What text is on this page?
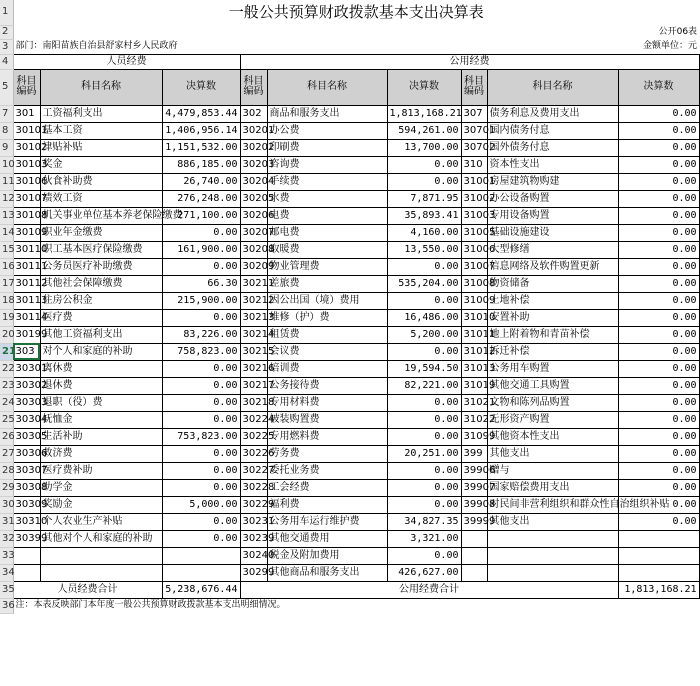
1	一般公共预算财政拨款基本支出决算表								
2	公开06表								
3	部门：南阳苗族自治县舒家村乡人民政府					金额单位：元			
4	人员经费			公用经费					
5	科目编码	科目名称	决算数	科目编码	科目名称	决算数	科目编码	科目名称	决算数
7	301	工资福利支出	4,479,853.44	302	商品和服务支出	1,813,168.21	307	债务利息及费用支出	0.00
8	30101	基本工资	1,406,956.14	30201	办公费	594,261.00	30701	国内债务付息	0.00
9	30102	津贴补贴	1,151,532.00	30202	印刷费	13,700.00	30702	国外债务付息	0.00
10	30103	奖金	886,185.00	30203	咨询费	0.00	310	资本性支出	0.00
11	30106	伙食补助费	26,740.00	30204	手续费	0.00	31001	房屋建筑物购建	0.00
12	30107	绩效工资	276,248.00	30205	水费	7,871.95	31002	办公设备购置	0.00
13	30108	机关事业单位基本养老保险缴费	271,100.00	30206	电费	35,893.41	31003	专用设备购置	0.00
14	30109	职业年金缴费	0.00	30207	邮电费	4,160.00	31005	基础设施建设	0.00
15	30110	职工基本医疗保险缴费	161,900.00	30208	取暖费	13,550.00	31006	大型修缮	0.00
16	30111	公务员医疗补助缴费	0.00	30209	物业管理费	0.00	31007	信息网络及软件购置更新	0.00
17	30112	其他社会保障缴费	66.30	30211	差旅费	535,204.00	31008	物资储备	0.00
18	30113	住房公积金	215,900.00	30212	因公出国（境）费用	0.00	31009	土地补偿	0.00
19	30114	医疗费	0.00	30213	维修（护）费	16,486.00	31010	安置补助	0.00
20	30199	其他工资福利支出	83,226.00	30214	租赁费	5,200.00	31011	地上附着物和青苗补偿	0.00
21	303	对个人和家庭的补助	758,823.00	30215	会议费	0.00	31012	拆迁补偿	0.00
22	30301	离休费	0.00	30216	培训费	19,594.50	31013	公务用车购置	0.00
23	30302	退休费	0.00	30217	公务接待费	82,221.00	31019	其他交通工具购置	0.00
24	30303	退职（役）费	0.00	30218	专用材料费	0.00	31021	文物和陈列品购置	0.00
25	30304	抚恤金	0.00	30224	被装购置费	0.00	31022	无形资产购置	0.00
26	30305	生活补助	753,823.00	30225	专用燃料费	0.00	31099	其他资本性支出	0.00
27	30306	救济费	0.00	30226	劳务费	20,251.00	399	其他支出	0.00
28	30307	医疗费补助	0.00	30227	委托业务费	0.00	39906	赠与	0.00
29	30308	助学金	0.00	30228	工会经费	0.00	39907	国家赔偿费用支出	0.00
30	30309	奖励金	5,000.00	30229	福利费	0.00	39908	对民间非营利组织和群众性自治组织补贴	0.00
31	30310	个人农业生产补贴	0.00	30231	公务用车运行维护费	34,827.35	39999	其他支出	0.00
32	30399	其他对个人和家庭的补助	0.00	30239	其他交通费用	3,321.00			
33				30240	税金及附加费用	0.00			
34				30299	其他商品和服务支出	426,627.00			
35	人员经费合计		5,238,676.44	公用经费合计					1,813,168.21
36	注：本表反映部门本年度一般公共预算财政拨款基本支出明细情况。								
